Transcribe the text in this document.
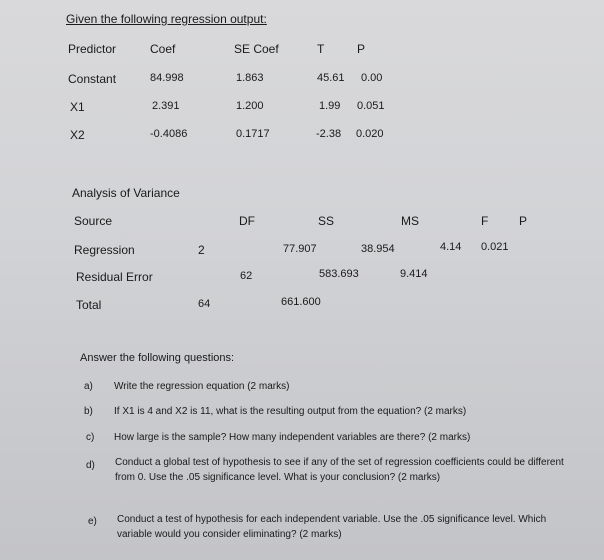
Given the following regression output:
Predictor	Coef	SE Coef	T	P
Constant	84.998	1.863	45.61 0.00
X1	2.391	1.200	1.99 0.051
X2	-0.4086	0.1717	-2.38 0.020
Analysis of Variance
Source	DF	SS	MS	F	P
Regression	2	77.907	38.954	4.14 0.021
Residual Error	62	583.693	9.414
Total	64	661.600
Answer the following questions:
a) Write the regression equation (2 marks)
b) If X1 is 4 and X2 is 11, what is the resulting output from the equation? (2 marks)
c) How large is the sample? How many independent variables are there? (2 marks)
d) Conduct a global test of hypothesis to see if any of the set of regression coefficients could be different from 0. Use the .05 significance level. What is your conclusion? (2 marks)
e) Conduct a test of hypothesis for each independent variable. Use the .05 significance level. Which variable would you consider eliminating? (2 marks)
